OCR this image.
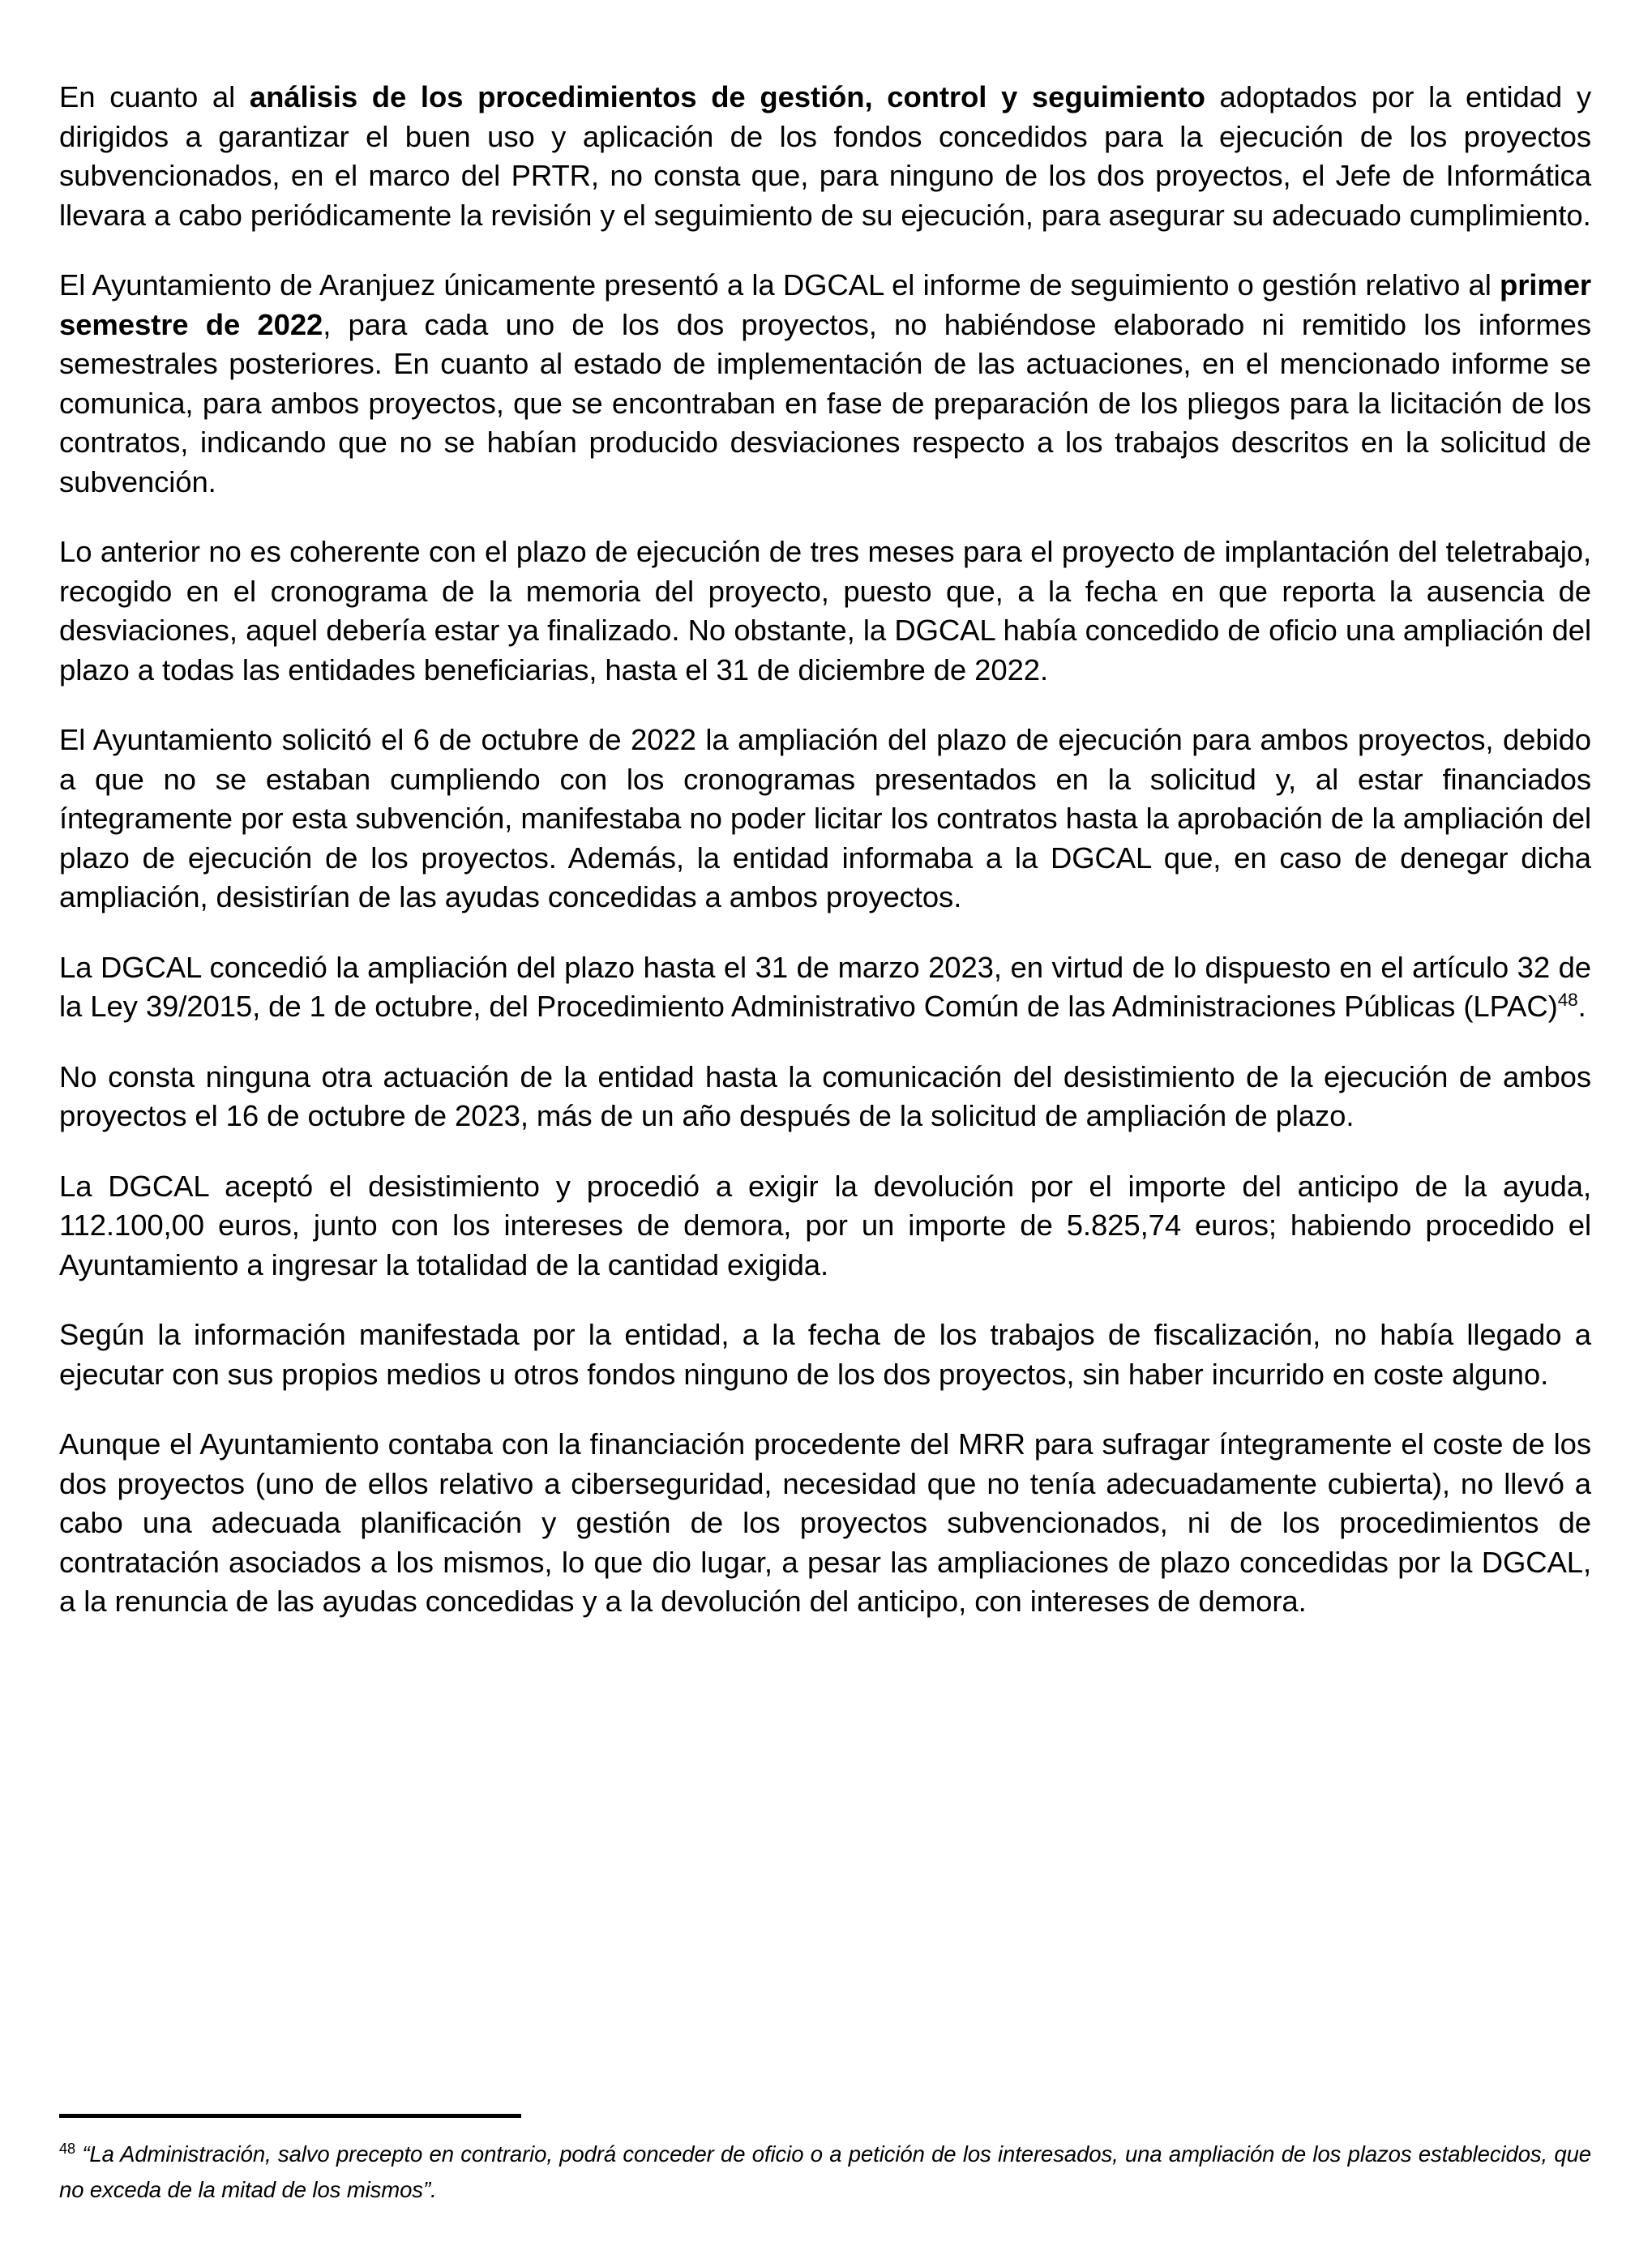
En cuanto al análisis de los procedimientos de gestión, control y seguimiento adoptados por la entidad y dirigidos a garantizar el buen uso y aplicación de los fondos concedidos para la ejecución de los proyectos subvencionados, en el marco del PRTR, no consta que, para ninguno de los dos proyectos, el Jefe de Informática llevara a cabo periódicamente la revisión y el seguimiento de su ejecución, para asegurar su adecuado cumplimiento.

El Ayuntamiento de Aranjuez únicamente presentó a la DGCAL el informe de seguimiento o gestión relativo al primer semestre de 2022, para cada uno de los dos proyectos, no habiéndose elaborado ni remitido los informes semestrales posteriores. En cuanto al estado de implementación de las actuaciones, en el mencionado informe se comunica, para ambos proyectos, que se encontraban en fase de preparación de los pliegos para la licitación de los contratos, indicando que no se habían producido desviaciones respecto a los trabajos descritos en la solicitud de subvención.

Lo anterior no es coherente con el plazo de ejecución de tres meses para el proyecto de implantación del teletrabajo, recogido en el cronograma de la memoria del proyecto, puesto que, a la fecha en que reporta la ausencia de desviaciones, aquel debería estar ya finalizado. No obstante, la DGCAL había concedido de oficio una ampliación del plazo a todas las entidades beneficiarias, hasta el 31 de diciembre de 2022.

El Ayuntamiento solicitó el 6 de octubre de 2022 la ampliación del plazo de ejecución para ambos proyectos, debido a que no se estaban cumpliendo con los cronogramas presentados en la solicitud y, al estar financiados íntegramente por esta subvención, manifestaba no poder licitar los contratos hasta la aprobación de la ampliación del plazo de ejecución de los proyectos. Además, la entidad informaba a la DGCAL que, en caso de denegar dicha ampliación, desistirían de las ayudas concedidas a ambos proyectos.

La DGCAL concedió la ampliación del plazo hasta el 31 de marzo 2023, en virtud de lo dispuesto en el artículo 32 de la Ley 39/2015, de 1 de octubre, del Procedimiento Administrativo Común de las Administraciones Públicas (LPAC)$^{48}$.

No consta ninguna otra actuación de la entidad hasta la comunicación del desistimiento de la ejecución de ambos proyectos el 16 de octubre de 2023, más de un año después de la solicitud de ampliación de plazo.

La DGCAL aceptó el desistimiento y procedió a exigir la devolución por el importe del anticipo de la ayuda, 112.100,00 euros, junto con los intereses de demora, por un importe de 5.825,74 euros; habiendo procedido el Ayuntamiento a ingresar la totalidad de la cantidad exigida.

Según la información manifestada por la entidad, a la fecha de los trabajos de fiscalización, no había llegado a ejecutar con sus propios medios u otros fondos ninguno de los dos proyectos, sin haber incurrido en coste alguno.

Aunque el Ayuntamiento contaba con la financiación procedente del MRR para sufragar íntegramente el coste de los dos proyectos (uno de ellos relativo a ciberseguridad, necesidad que no tenía adecuadamente cubierta), no llevó a cabo una adecuada planificación y gestión de los proyectos subvencionados, ni de los procedimientos de contratación asociados a los mismos, lo que dio lugar, a pesar las ampliaciones de plazo concedidas por la DGCAL, a la renuncia de las ayudas concedidas y a la devolución del anticipo, con intereses de demora.

$^{48}$ “La Administración, salvo precepto en contrario, podrá conceder de oficio o a petición de los interesados, una ampliación de los plazos establecidos, que no exceda de la mitad de los mismos”.
